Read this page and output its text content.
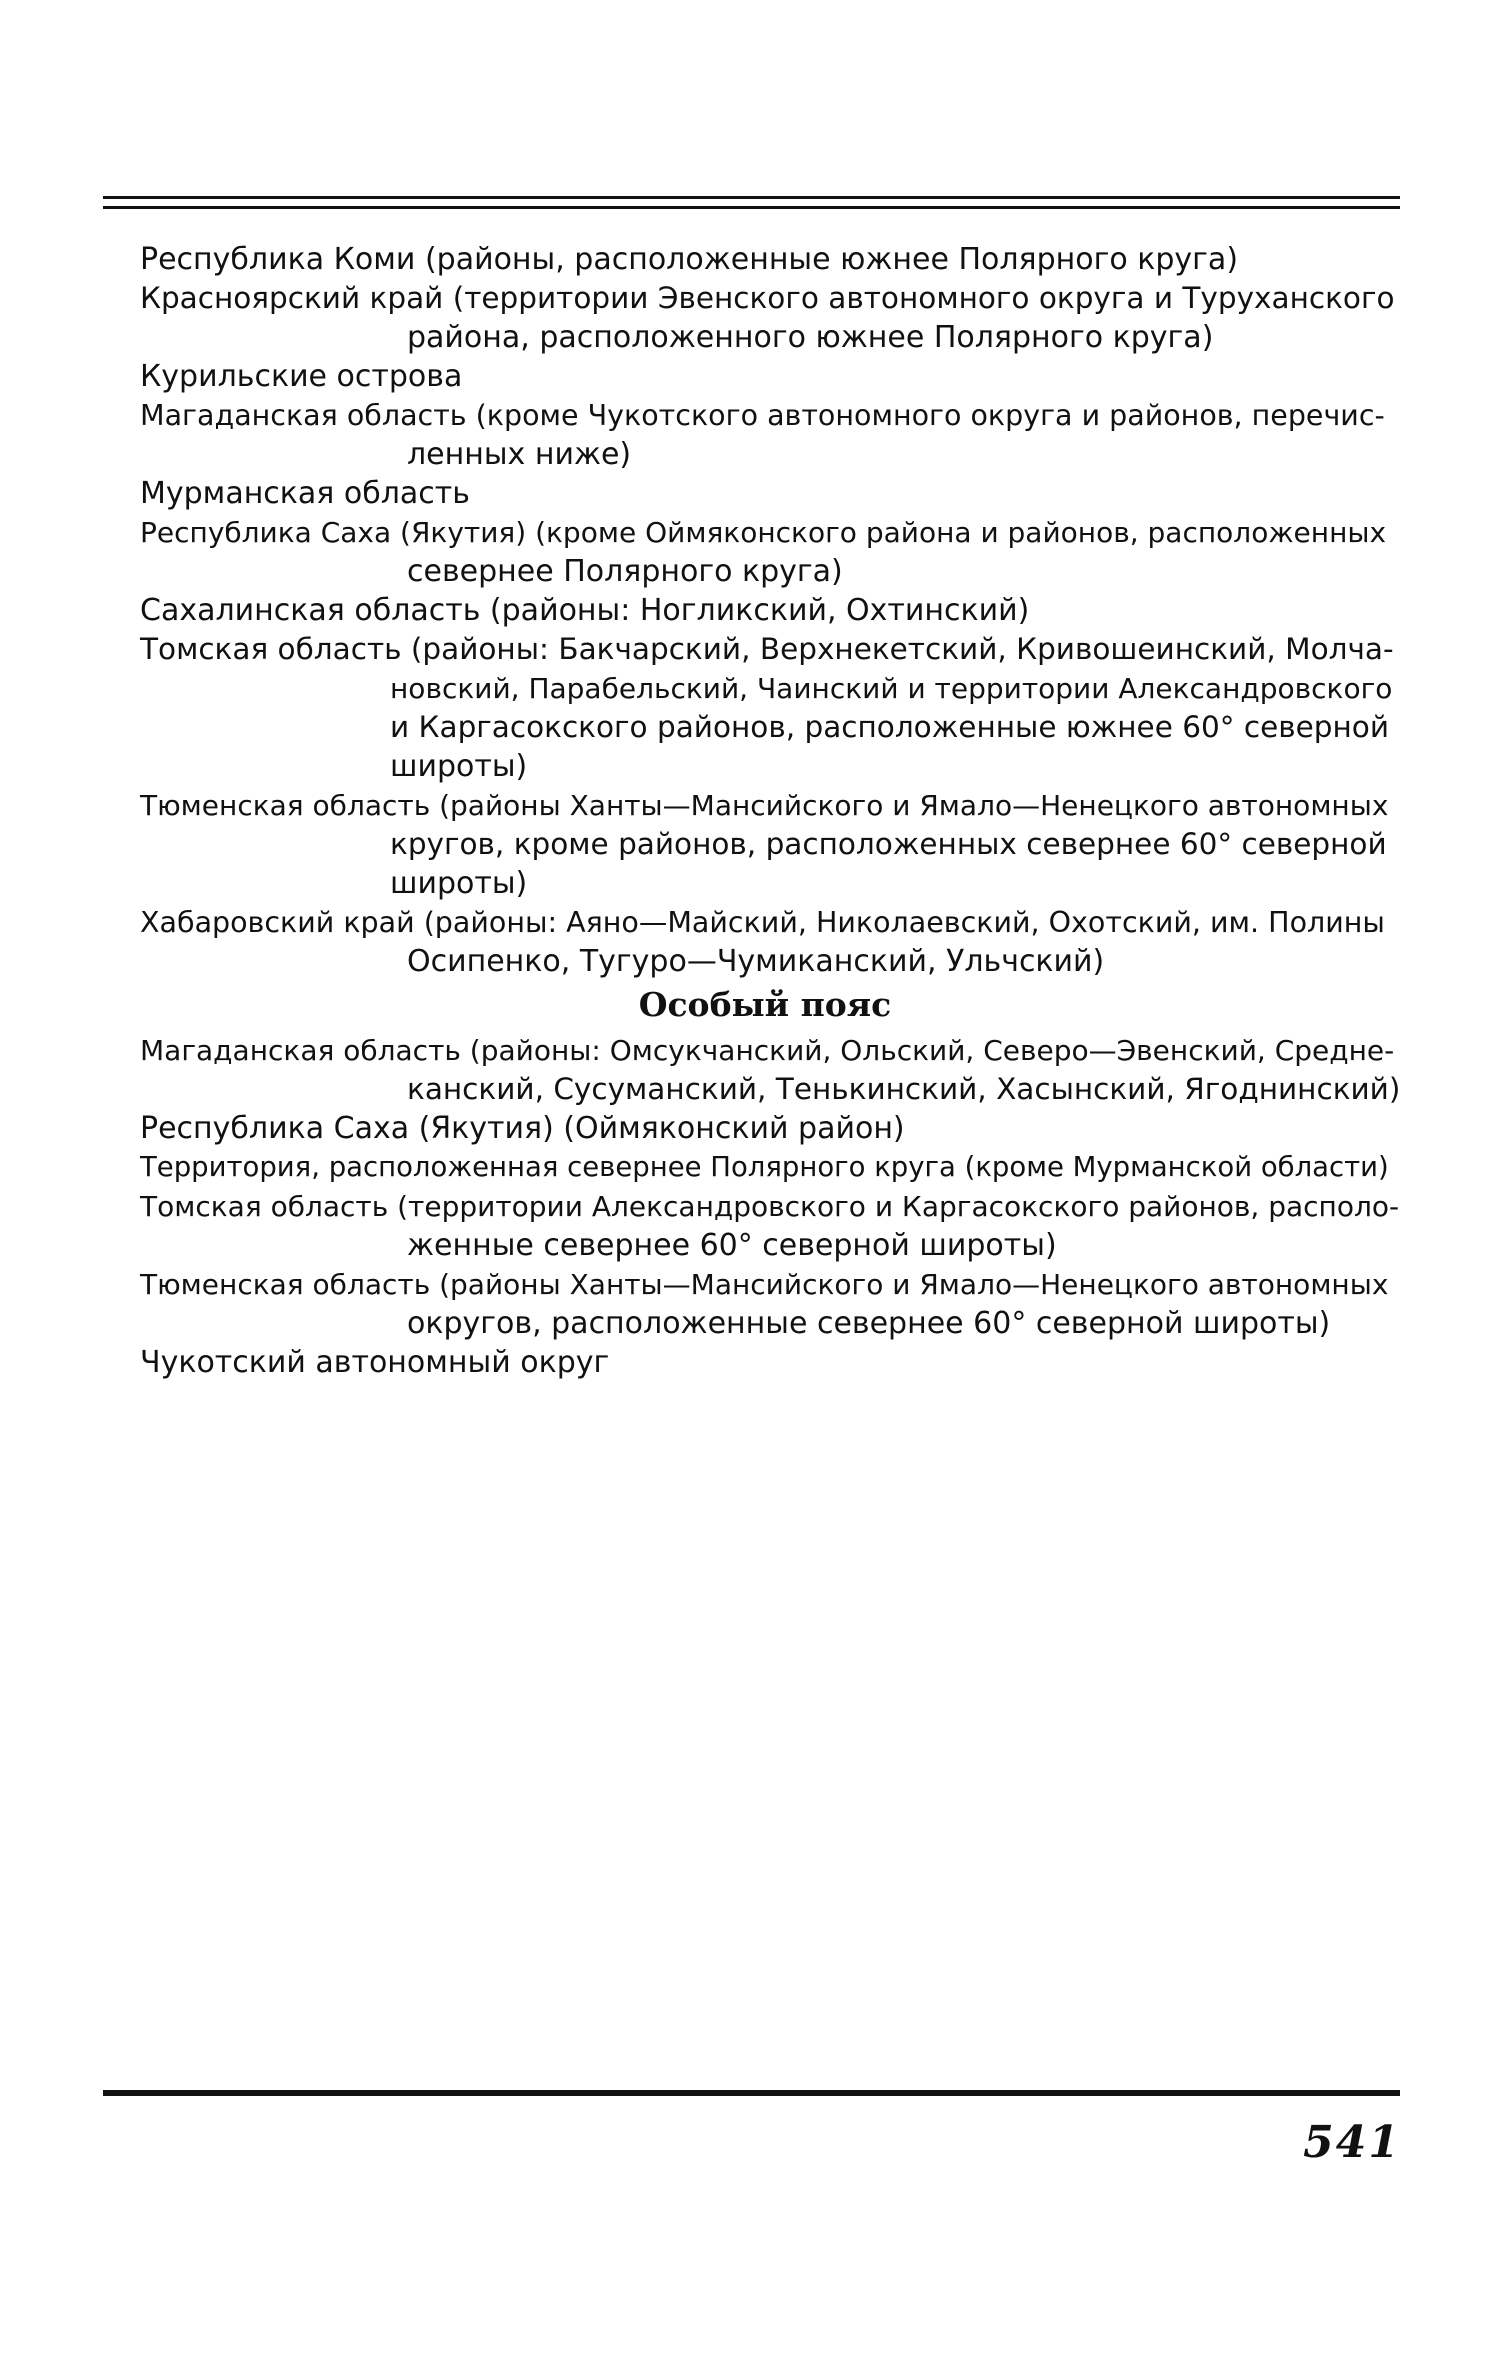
Республика Коми (районы, расположенные южнее Полярного круга)
Красноярский край (территории Эвенского автономного округа и Туруханского
района, расположенного южнее Полярного круга)
Курильские острова
Магаданская область (кроме Чукотского автономного округа и районов, перечис-
ленных ниже)
Мурманская область
Республика Саха (Якутия) (кроме Оймяконского района и районов, расположенных
севернее Полярного круга)
Сахалинская область (районы: Ногликский, Охтинский)
Томская область (районы: Бакчарский, Верхнекетский, Кривошеинский, Молча-
новский, Парабельский, Чаинский и территории Александровского
и Каргасокского районов, расположенные южнее 60° северной
широты)
Тюменская область (районы Ханты—Мансийского и Ямало—Ненецкого автономных
кругов, кроме районов, расположенных севернее 60° северной
широты)
Хабаровский край (районы: Аяно—Майский, Николаевский, Охотский, им. Полины
Осипенко, Тугуро—Чумиканский, Ульчский)
Особый пояс
Магаданская область (районы: Омсукчанский, Ольский, Северо—Эвенский, Средне-
канский, Сусуманский, Тенькинский, Хасынский, Ягоднинский)
Республика Саха (Якутия) (Оймяконский район)
Территория, расположенная севернее Полярного круга (кроме Мурманской области)
Томская область (территории Александровского и Каргасокского районов, располо-
женные севернее 60° северной широты)
Тюменская область (районы Ханты—Мансийского и Ямало—Ненецкого автономных
округов, расположенные севернее 60° северной широты)
Чукотский автономный округ
541
